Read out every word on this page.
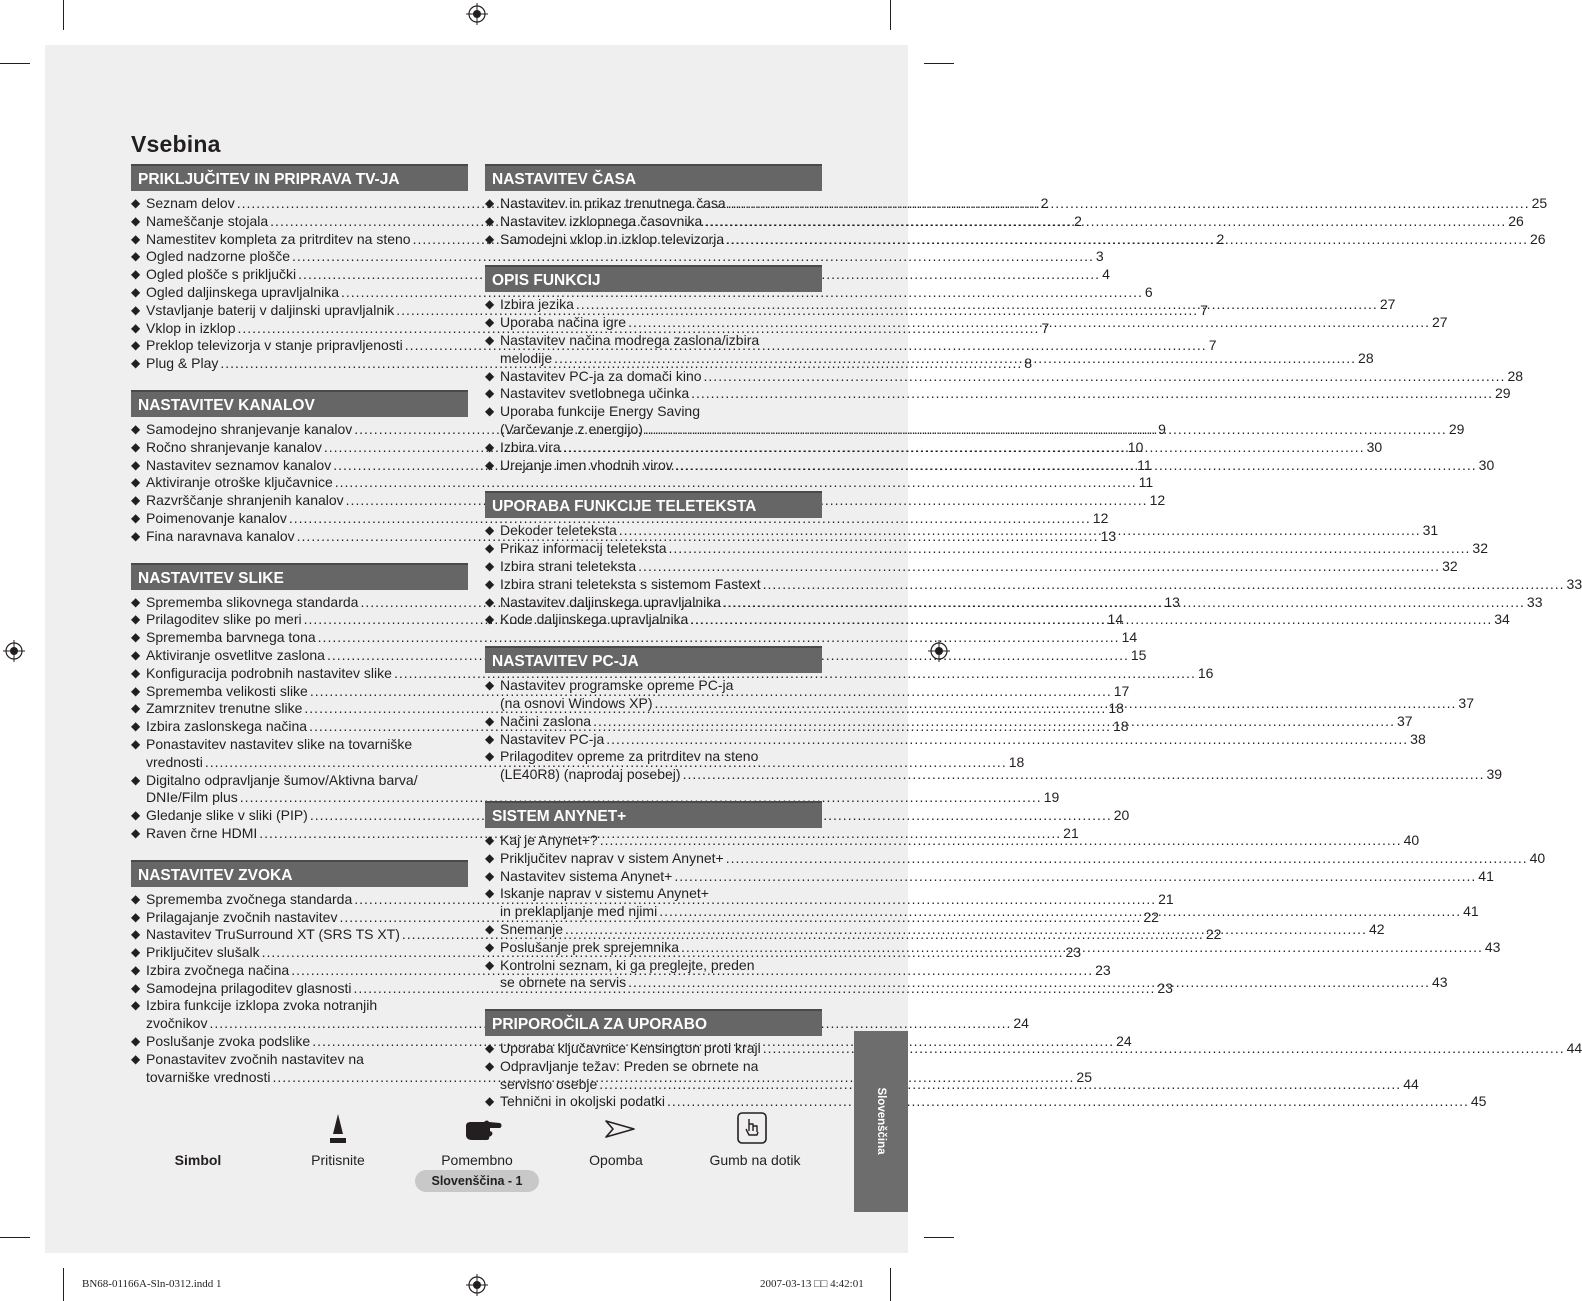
Vsebina
PRIKLJUČITEV IN PRIPRAVA TV-JA
◆ Seznam delov .....	2
◆ Nameščanje stojala .....	2
◆ Namestitev kompleta za pritrditev na steno .....	2
◆ Ogled nadzorne plošče .....	3
◆ Ogled plošče s priključki .....	4
◆ Ogled daljinskega upravljalnika .....	6
◆ Vstavljanje baterij v daljinski upravljalnik .....	7
◆ Vklop in izklop .....	7
◆ Preklop televizorja v stanje pripravljenosti .....	7
◆ Plug & Play .....	8
NASTAVITEV KANALOV
◆ Samodejno shranjevanje kanalov .....	9
◆ Ročno shranjevanje kanalov .....	10
◆ Nastavitev seznamov kanalov .....	11
◆ Aktiviranje otroške ključavnice .....	11
◆ Razvrščanje shranjenih kanalov .....	12
◆ Poimenovanje kanalov .....	12
◆ Fina naravnava kanalov .....	13
NASTAVITEV SLIKE
◆ Sprememba slikovnega standarda .....	13
◆ Prilagoditev slike po meri .....	14
◆ Sprememba barvnega tona .....	14
◆ Aktiviranje osvetlitve zaslona .....	15
◆ Konfiguracija podrobnih nastavitev slike .....	16
◆ Sprememba velikosti slike .....	17
◆ Zamrznitev trenutne slike .....	18
◆ Izbira zaslonskega načina .....	18
◆ Ponastavitev nastavitev slike na tovarniške
vrednosti .....	18
◆ Digitalno odpravljanje šumov/Aktivna barva/
DNIe/Film plus .....	19
◆ Gledanje slike v sliki (PIP) .....	20
◆ Raven črne HDMI .....	21
NASTAVITEV ZVOKA
◆ Sprememba zvočnega standarda .....	21
◆ Prilagajanje zvočnih nastavitev .....	22
◆ Nastavitev TruSurround XT (SRS TS XT) .....	22
◆ Priključitev slušalk .....	23
◆ Izbira zvočnega načina .....	23
◆ Samodejna prilagoditev glasnosti .....	23
◆ Izbira funkcije izklopa zvoka notranjih
zvočnikov .....	24
◆ Poslušanje zvoka podslike .....	24
◆ Ponastavitev zvočnih nastavitev na
tovarniške vrednosti .....	25
NASTAVITEV ČASA
◆ Nastavitev in prikaz trenutnega časa .....	25
◆ Nastavitev izklopnega časovnika .....	26
◆ Samodejni vklop in izklop televizorja .....	26
OPIS FUNKCIJ
◆ Izbira jezika .....	27
◆ Uporaba načina igre .....	27
◆ Nastavitev načina modrega zaslona/izbira
melodije .....	28
◆ Nastavitev PC-ja za domači kino .....	28
◆ Nastavitev svetlobnega učinka .....	29
◆ Uporaba funkcije Energy Saving
(Varčevanje z energijo) .....	29
◆ Izbira vira .....	30
◆ Urejanje imen vhodnih virov .....	30
UPORABA FUNKCIJE TELETEKSTA
◆ Dekoder teleteksta .....	31
◆ Prikaz informacij teleteksta .....	32
◆ Izbira strani teleteksta .....	32
◆ Izbira strani teleteksta s sistemom Fastext .....	33
◆ Nastavitev daljinskega upravljalnika .....	33
◆ Kode daljinskega upravljalnika .....	34
NASTAVITEV PC-JA
◆ Nastavitev programske opreme PC-ja
(na osnovi Windows XP) .....	37
◆ Načini zaslona .....	37
◆ Nastavitev PC-ja .....	38
◆ Prilagoditev opreme za pritrditev na steno
(LE40R8) (naprodaj posebej) .....	39
SISTEM ANYNET+
◆ Kaj je Anynet+? .....	40
◆ Priključitev naprav v sistem Anynet+ .....	40
◆ Nastavitev sistema Anynet+ .....	41
◆ Iskanje naprav v sistemu Anynet+
in preklapljanje med njimi .....	41
◆ Snemanje .....	42
◆ Poslušanje prek sprejemnika .....	43
◆ Kontrolni seznam, ki ga preglejte, preden
se obrnete na servis .....	43
PRIPOROČILA ZA UPORABO
◆ Uporaba ključavnice Kensington proti kraji .....	44
◆ Odpravljanje težav: Preden se obrnete na
servisno osebje .....	44
◆ Tehnični in okoljski podatki .....	45
Slovenščina
Simbol	Pritisnite	Pomembno	Opomba	Gumb na dotik
Slovenščina - 1
BN68-01166A-Sln-0312.indd 1	2007-03-13 □□ 4:42:01
